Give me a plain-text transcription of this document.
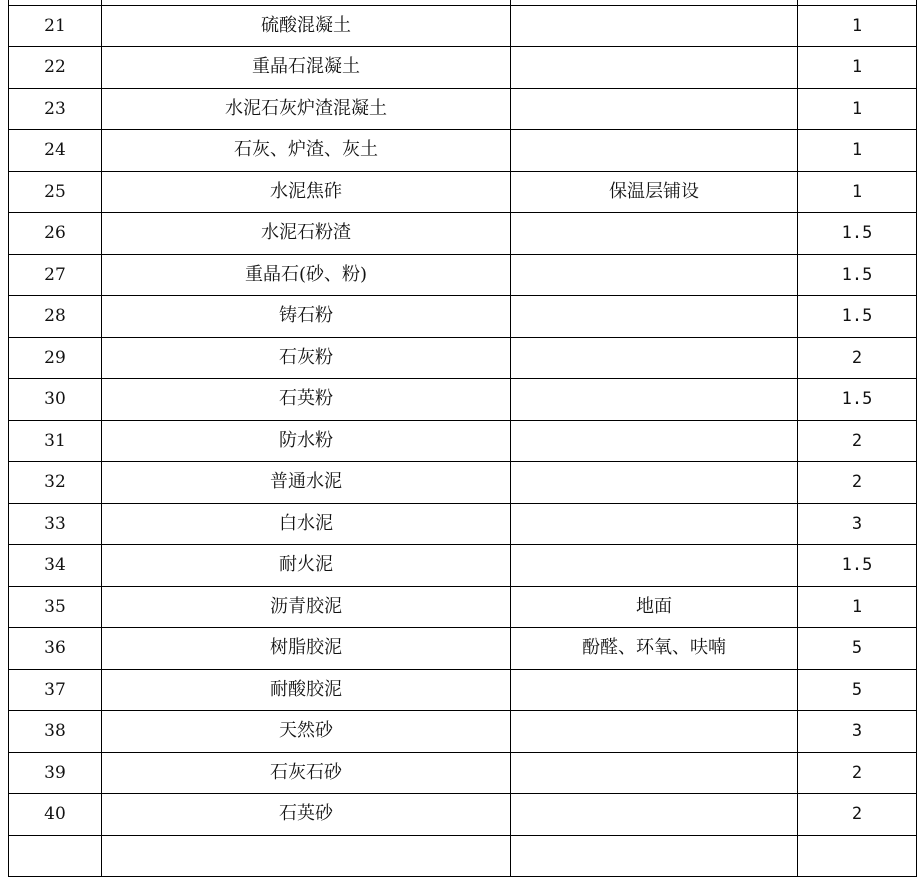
21	硫酸混凝土		1
22	重晶石混凝土		1
23	水泥石灰炉渣混凝土		1
24	石灰、炉渣、灰土		1
25	水泥焦砟	保温层铺设	1
26	水泥石粉渣		1.5
27	重晶石(砂、粉)		1.5
28	铸石粉		1.5
29	石灰粉		2
30	石英粉		1.5
31	防水粉		2
32	普通水泥		2
33	白水泥		3
34	耐火泥		1.5
35	沥青胶泥	地面	1
36	树脂胶泥	酚醛、环氧、呋喃	5
37	耐酸胶泥		5
38	天然砂		3
39	石灰石砂		2
40	石英砂		2
